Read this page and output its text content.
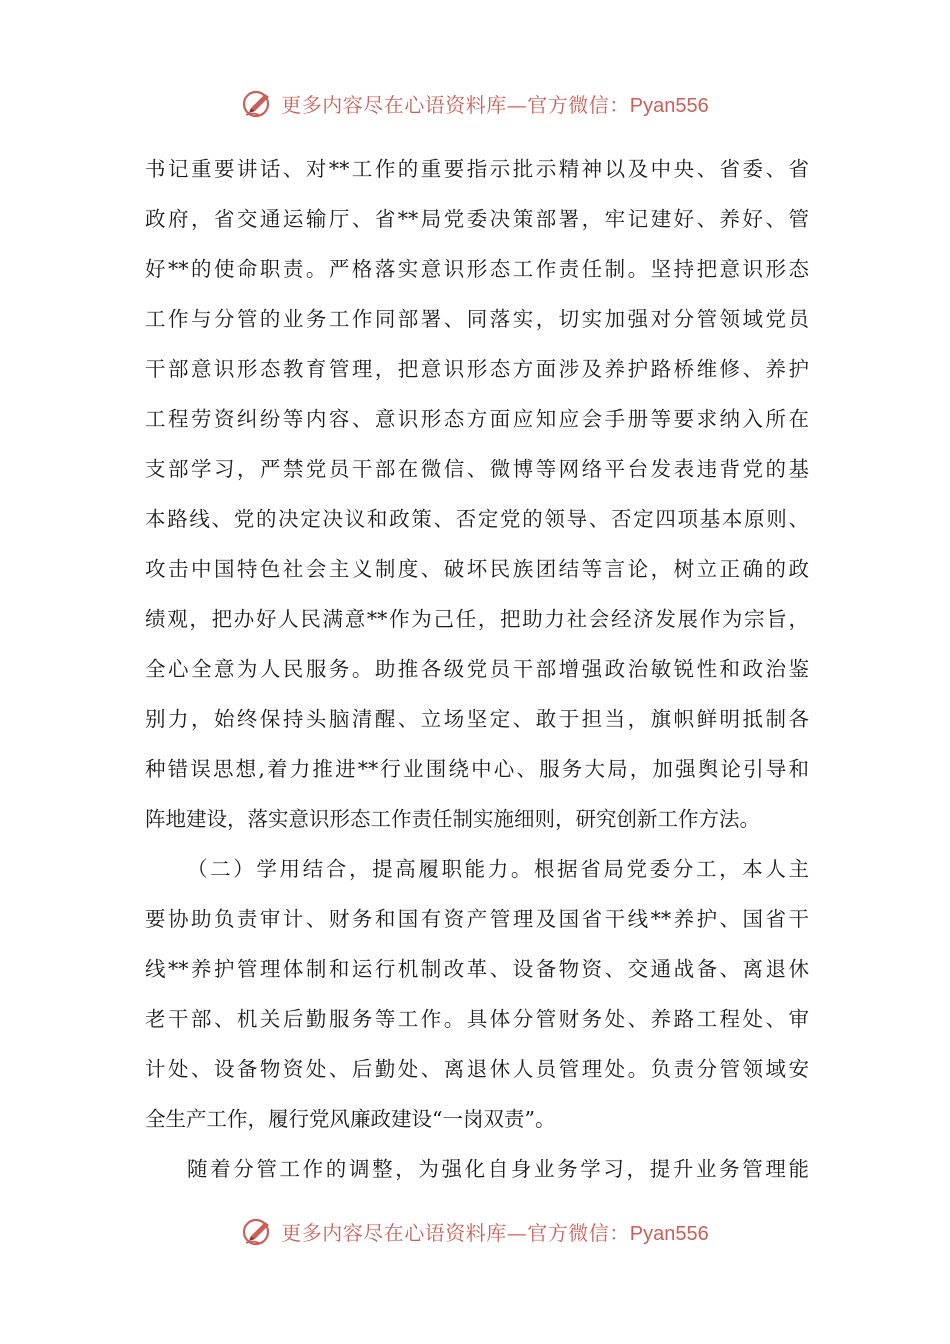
更多内容尽在心语资料库—官方微信：Pyan556
书记重要讲话、对**工作的重要指示批示精神以及中央、省委、省
政府，省交通运输厅、省**局党委决策部署，牢记建好、养好、管
好**的使命职责。严格落实意识形态工作责任制。坚持把意识形态
工作与分管的业务工作同部署、同落实，切实加强对分管领域党员
干部意识形态教育管理，把意识形态方面涉及养护路桥维修、养护
工程劳资纠纷等内容、意识形态方面应知应会手册等要求纳入所在
支部学习，严禁党员干部在微信、微博等网络平台发表违背党的基
本路线、党的决定决议和政策、否定党的领导、否定四项基本原则、
攻击中国特色社会主义制度、破坏民族团结等言论，树立正确的政
绩观，把办好人民满意**作为己任，把助力社会经济发展作为宗旨，
全心全意为人民服务。助推各级党员干部增强政治敏锐性和政治鉴
别力，始终保持头脑清醒、立场坚定、敢于担当，旗帜鲜明抵制各
种错误思想,着力推进**行业围绕中心、服务大局，加强舆论引导和
阵地建设，落实意识形态工作责任制实施细则，研究创新工作方法。
（二）学用结合，提高履职能力。根据省局党委分工，本人主
要协助负责审计、财务和国有资产管理及国省干线**养护、国省干
线**养护管理体制和运行机制改革、设备物资、交通战备、离退休
老干部、机关后勤服务等工作。具体分管财务处、养路工程处、审
计处、设备物资处、后勤处、离退休人员管理处。负责分管领域安
全生产工作，履行党风廉政建设“一岗双责”。
随着分管工作的调整，为强化自身业务学习，提升业务管理能
更多内容尽在心语资料库—官方微信：Pyan556
